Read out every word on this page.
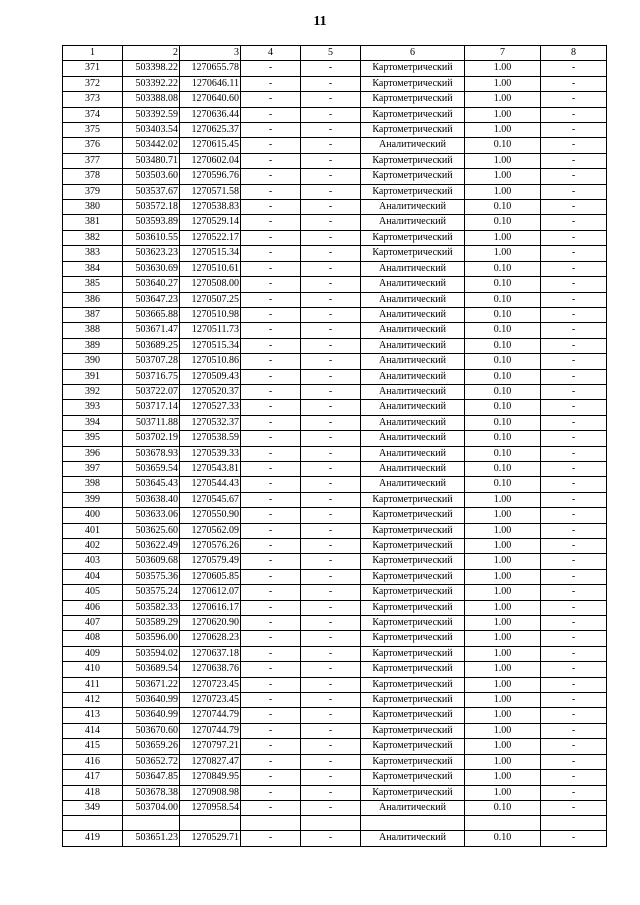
11
1	2	3	4	5	6	7	8
371	503398.22	1270655.78	-	-	Картометрический	1.00	-
372	503392.22	1270646.11	-	-	Картометрический	1.00	-
373	503388.08	1270640.60	-	-	Картометрический	1.00	-
374	503392.59	1270636.44	-	-	Картометрический	1.00	-
375	503403.54	1270625.37	-	-	Картометрический	1.00	-
376	503442.02	1270615.45	-	-	Аналитический	0.10	-
377	503480.71	1270602.04	-	-	Картометрический	1.00	-
378	503503.60	1270596.76	-	-	Картометрический	1.00	-
379	503537.67	1270571.58	-	-	Картометрический	1.00	-
380	503572.18	1270538.83	-	-	Аналитический	0.10	-
381	503593.89	1270529.14	-	-	Аналитический	0.10	-
382	503610.55	1270522.17	-	-	Картометрический	1.00	-
383	503623.23	1270515.34	-	-	Картометрический	1.00	-
384	503630.69	1270510.61	-	-	Аналитический	0.10	-
385	503640.27	1270508.00	-	-	Аналитический	0.10	-
386	503647.23	1270507.25	-	-	Аналитический	0.10	-
387	503665.88	1270510.98	-	-	Аналитический	0.10	-
388	503671.47	1270511.73	-	-	Аналитический	0.10	-
389	503689.25	1270515.34	-	-	Аналитический	0.10	-
390	503707.28	1270510.86	-	-	Аналитический	0.10	-
391	503716.75	1270509.43	-	-	Аналитический	0.10	-
392	503722.07	1270520.37	-	-	Аналитический	0.10	-
393	503717.14	1270527.33	-	-	Аналитический	0.10	-
394	503711.88	1270532.37	-	-	Аналитический	0.10	-
395	503702.19	1270538.59	-	-	Аналитический	0.10	-
396	503678.93	1270539.33	-	-	Аналитический	0.10	-
397	503659.54	1270543.81	-	-	Аналитический	0.10	-
398	503645.43	1270544.43	-	-	Аналитический	0.10	-
399	503638.40	1270545.67	-	-	Картометрический	1.00	-
400	503633.06	1270550.90	-	-	Картометрический	1.00	-
401	503625.60	1270562.09	-	-	Картометрический	1.00	-
402	503622.49	1270576.26	-	-	Картометрический	1.00	-
403	503609.68	1270579.49	-	-	Картометрический	1.00	-
404	503575.36	1270605.85	-	-	Картометрический	1.00	-
405	503575.24	1270612.07	-	-	Картометрический	1.00	-
406	503582.33	1270616.17	-	-	Картометрический	1.00	-
407	503589.29	1270620.90	-	-	Картометрический	1.00	-
408	503596.00	1270628.23	-	-	Картометрический	1.00	-
409	503594.02	1270637.18	-	-	Картометрический	1.00	-
410	503689.54	1270638.76	-	-	Картометрический	1.00	-
411	503671.22	1270723.45	-	-	Картометрический	1.00	-
412	503640.99	1270723.45	-	-	Картометрический	1.00	-
413	503640.99	1270744.79	-	-	Картометрический	1.00	-
414	503670.60	1270744.79	-	-	Картометрический	1.00	-
415	503659.26	1270797.21	-	-	Картометрический	1.00	-
416	503652.72	1270827.47	-	-	Картометрический	1.00	-
417	503647.85	1270849.95	-	-	Картометрический	1.00	-
418	503678.38	1270908.98	-	-	Картометрический	1.00	-
349	503704.00	1270958.54	-	-	Аналитический	0.10	-

419	503651.23	1270529.71	-	-	Аналитический	0.10	-
